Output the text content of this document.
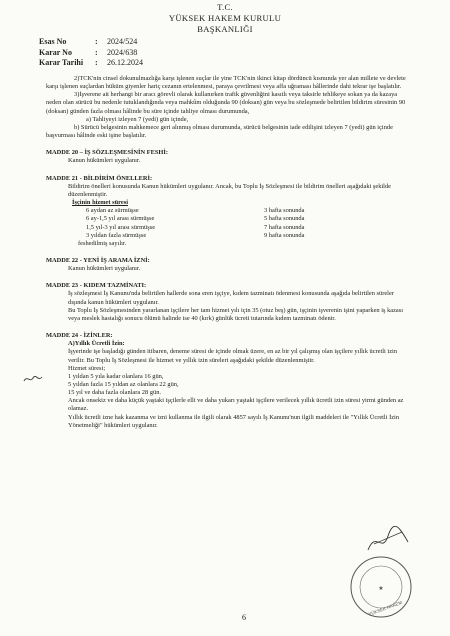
T.C.
YÜKSEK HAKEM KURULU
BAŞKANLIĞI
Esas No	:	2024/524
Karar No	:	2024/638
Karar Tarihi	:	26.12.2024

2)TCK'nin cinsel dokunulmazlığa karşı işlenen suçlar ile yine TCK'nin ikinci kitap dördüncü kısmında yer alan millete ve devlete karşı işlenen suçlardan hüküm giyenler hariç cezanın ertelenmesi, paraya çevrilmesi veya affa uğraması hâllerinde dahi tekrar işe başlatılır.

3)İşverene ait herhangi bir aracı görevli olarak kullanırken trafik güvenliğini kasıtlı veya taksirle tehlikeye sokan ya da kazaya neden olan sürücü bu nedenle tutuklandığında veya mahkûm olduğunda 90 (doksan) gün veya bu sözleşmede belirtilen bildirim süresinin 90 (doksan) günden fazla olması hâlinde bu süre içinde tahliye olması durumunda,

a) Tahliyeyi izleyen 7 (yedi) gün içinde,

b) Sürücü belgesinin mahkemece geri alınmış olması durumunda, sürücü belgesinin iade edilişini izleyen 7 (yedi) gün içinde başvurması hâlinde eski işine başlatılır.

MADDE 20 – İŞ SÖZLEŞMESİNİN FESHİ:

Kanun hükümleri uygulanır.

MADDE 21 - BİLDİRİM ÖNELLERİ:

Bildirim önelleri konusunda Kanun hükümleri uygulanır. Ancak, bu Toplu İş Sözleşmesi ile bildirim önelleri aşağıdaki şekilde düzenlenmiştir.

İşçinin hizmet süresi

6 aydan az sürmüşse	3 hafta sonunda
6 ay-1,5 yıl arası sürmüşse	5 hafta sonunda
1,5 yıl-3 yıl arası sürmüşse	7 hafta sonunda
3 yıldan fazla sürmüşse	9 hafta sonunda

feshedilmiş sayılır.

MADDE 22 - YENİ İŞ ARAMA İZNİ:

Kanun hükümleri uygulanır.

MADDE 23 - KIDEM TAZMİNATI:

İş sözleşmesi İş Kanunu'nda belirtilen hallerde sona eren işçiye, kıdem tazminatı ödenmesi konusunda aşağıda belirtilen süreler dışında kanun hükümleri uygulanır.

Bu Toplu İş Sözleşmesinden yararlanan işçilere her tam hizmet yılı için 35 (otuz beş) gün, işçinin işverenin işini yaparken iş kazası veya meslek hastalığı sonucu ölümü halinde ise 40 (kırk) günlük ücreti tutarında kıdem tazminatı ödenir.

MADDE 24 - İZİNLER:

A)Yıllık Ücretli İzin:

İşyerinde işe başladığı günden itibaren, deneme süresi de içinde olmak üzere, en az bir yıl çalışmış olan işçilere yıllık ücretli izin verilir. Bu Toplu İş Sözleşmesi ile hizmet ve yıllık izin süreleri aşağıdaki şekilde düzenlenmiştir.

Hizmet süresi;

1 yıldan 5 yıla kadar olanlara 16 gün,

5 yıldan fazla 15 yıldan az olanlara 22 gün,

15 yıl ve daha fazla olanlara 28 gün.

Ancak onsekiz ve daha küçük yaştaki işçilerle elli ve daha yukarı yaştaki işçilere verilecek yıllık ücretli izin süresi yirmi günden az olamaz.

Yıllık ücretli izne hak kazanma ve izni kullanma ile ilgili olarak 4857 sayılı İş Kanunu'nun ilgili maddeleri ile "Yıllık Ücretli İzin Yönetmeliği" hükümleri uygulanır.

★
YÜKSEK HAKEM
6
